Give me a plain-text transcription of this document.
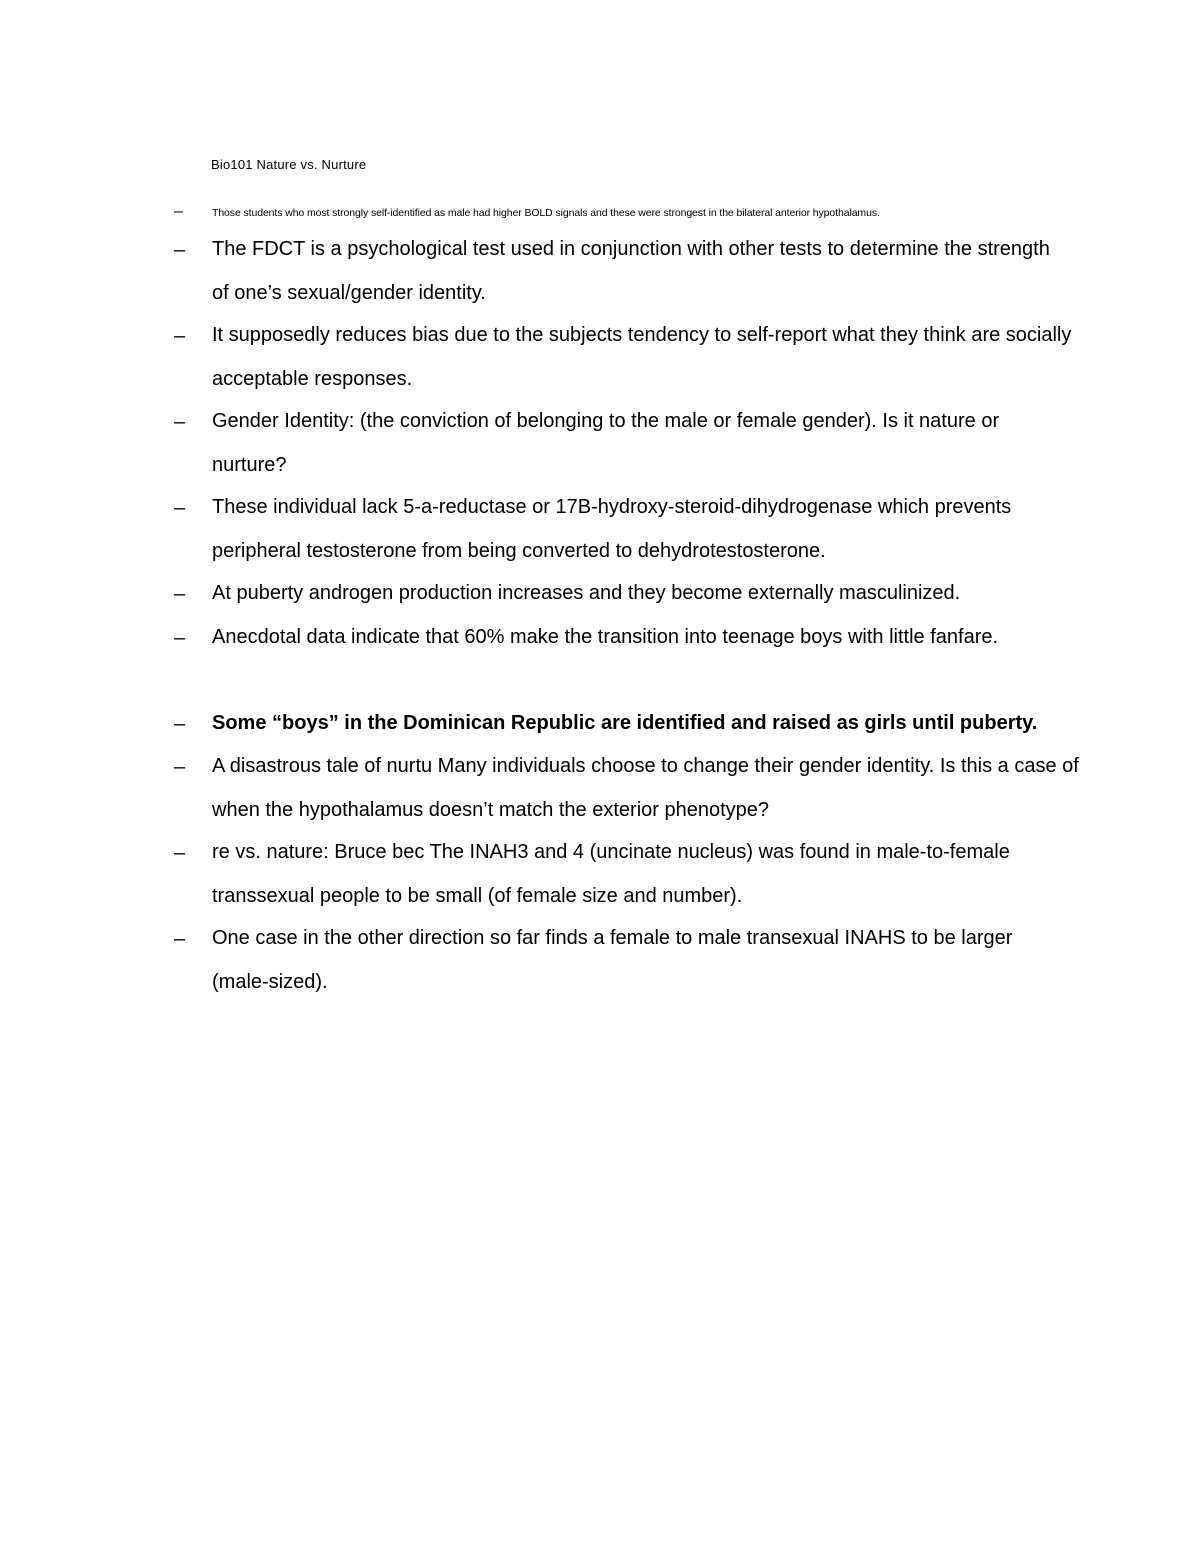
Bio101 Nature vs. Nurture
–	Those students who most strongly self-identified as male had higher BOLD signals and these were strongest in the bilateral anterior hypothalamus.
– The FDCT is a psychological test used in conjunction with other tests to determine the strength of one’s sexual/gender identity.
– It supposedly reduces bias due to the subjects tendency to self-report what they think are socially acceptable responses.
– Gender Identity: (the conviction of belonging to the male or female gender). Is it nature or nurture?
– These individual lack 5-a-reductase or 17B-hydroxy-steroid-dihydrogenase which prevents peripheral testosterone from being converted to dehydrotestosterone.
– At puberty androgen production increases and they become externally masculinized.
– Anecdotal data indicate that 60% make the transition into teenage boys with little fanfare.
– Some “boys” in the Dominican Republic are identified and raised as girls until puberty.
– A disastrous tale of nurtu Many individuals choose to change their gender identity. Is this a case of when the hypothalamus doesn’t match the exterior phenotype?
– re vs. nature: Bruce bec The INAH3 and 4 (uncinate nucleus) was found in male-to-female transsexual people to be small (of female size and number).
– One case in the other direction so far finds a female to male transexual INAHS to be larger (male-sized).
